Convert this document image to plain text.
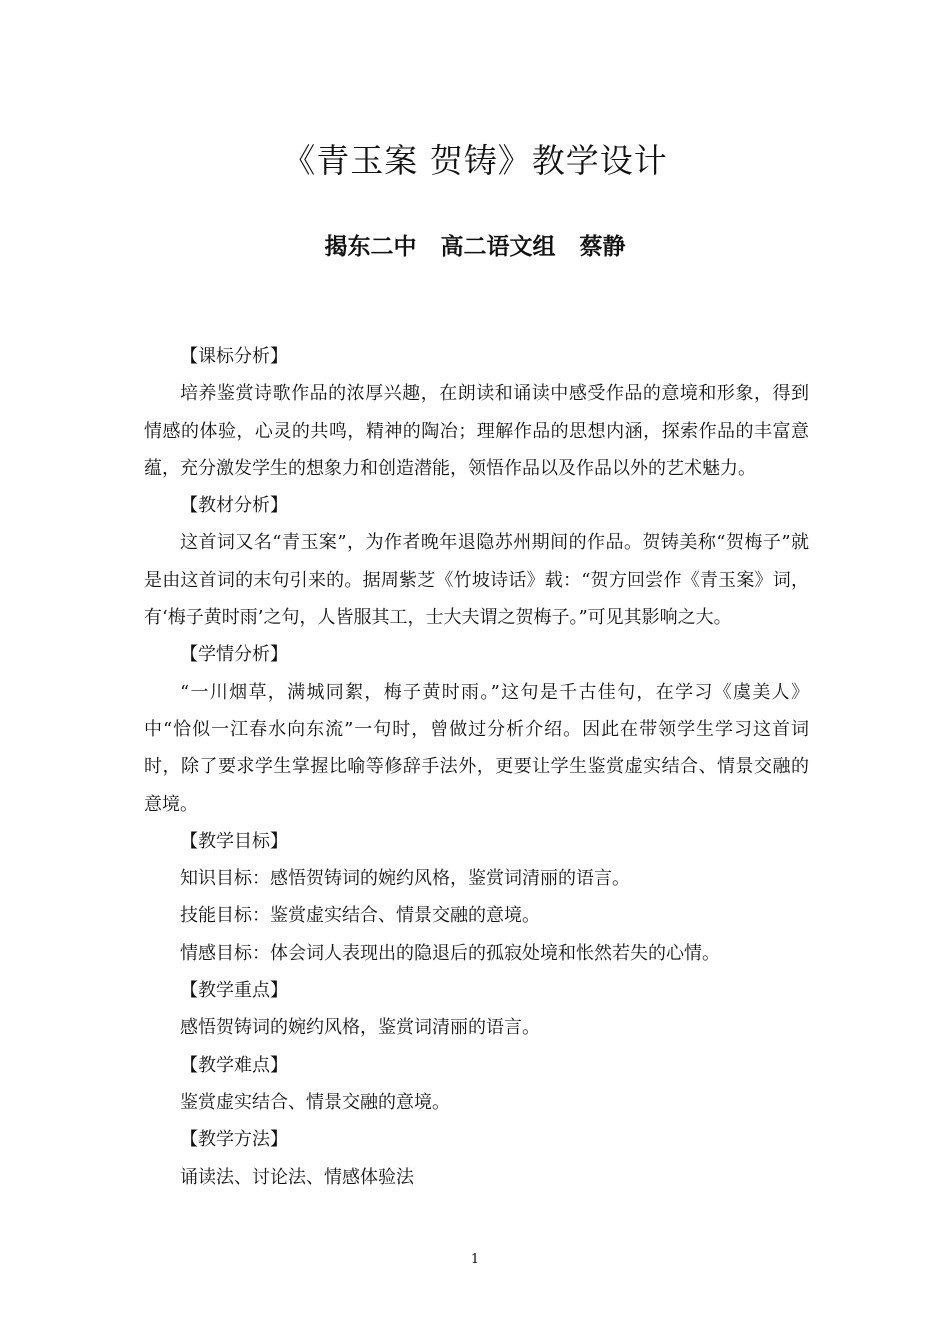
《青玉案 贺铸》教学设计
揭东二中   高二语文组   蔡静

【课标分析】

培养鉴赏诗歌作品的浓厚兴趣，在朗读和诵读中感受作品的意境和形象，得到情感的体验，心灵的共鸣，精神的陶冶；理解作品的思想内涵，探索作品的丰富意蕴，充分激发学生的想象力和创造潜能，领悟作品以及作品以外的艺术魅力。

【教材分析】

这首词又名“青玉案”，为作者晚年退隐苏州期间的作品。贺铸美称“贺梅子”就是由这首词的末句引来的。据周紫芝《竹坡诗话》载：“贺方回尝作《青玉案》词，有‘梅子黄时雨’之句，人皆服其工，士大夫谓之贺梅子。”可见其影响之大。

【学情分析】

“一川烟草，满城同絮，梅子黄时雨。”这句是千古佳句，在学习《虞美人》中“恰似一江春水向东流”一句时，曾做过分析介绍。因此在带领学生学习这首词时，除了要求学生掌握比喻等修辞手法外，更要让学生鉴赏虚实结合、情景交融的意境。

【教学目标】

知识目标：感悟贺铸词的婉约风格，鉴赏词清丽的语言。

技能目标：鉴赏虚实结合、情景交融的意境。

情感目标：体会词人表现出的隐退后的孤寂处境和怅然若失的心情。

【教学重点】

感悟贺铸词的婉约风格，鉴赏词清丽的语言。

【教学难点】

鉴赏虚实结合、情景交融的意境。

【教学方法】

诵读法、讨论法、情感体验法

1
